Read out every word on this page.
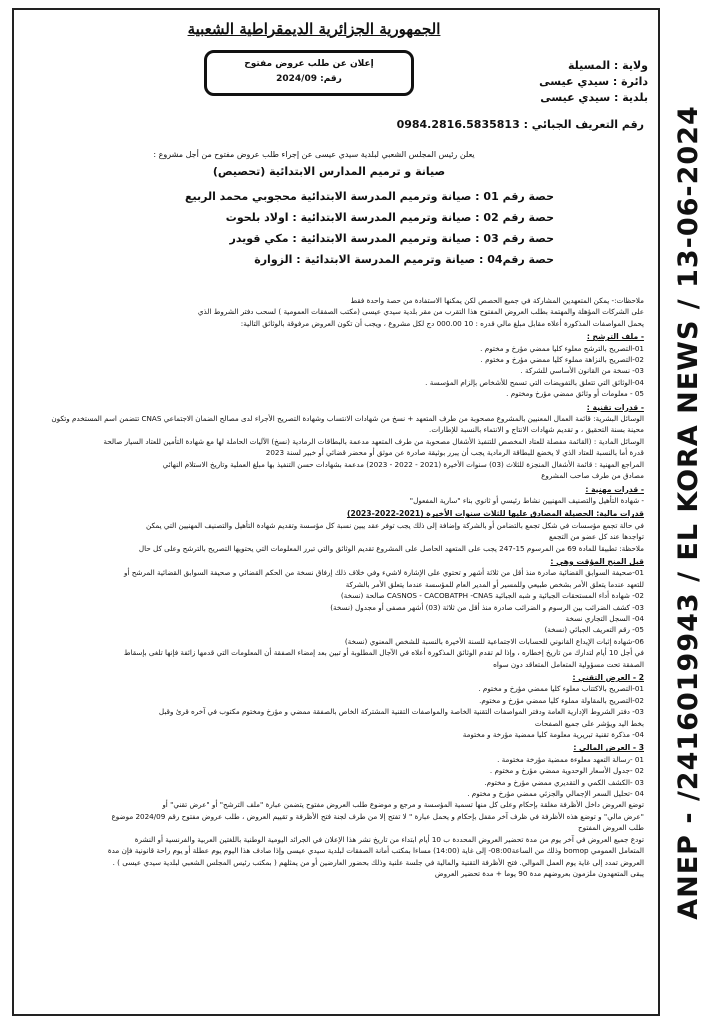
الجمهورية الجزائرية الديمقراطية الشعبية
إعلان عن طلب عروض مفتوح
رقم: 2024/09
ولاية : المسيلة
دائرة : سيدي عيسى
بلدية : سيدي عيسى
رقم التعريف الجبائي : 0984.2816.5835813
يعلن رئيس المجلس الشعبي لبلدية سيدي عيسى عن إجراء طلب عروض مفتوح من أجل مشروع :
صيانة و ترميم المدارس الابتدائية (تحصيص)
حصة رقم 01 : صيانة وترميم المدرسة الابتدائية محجوبي محمد الربيع
حصة رقم 02 : صيانة وترميم المدرسة الابتدائية : اولاد بلحوت
حصة رقم 03 : صيانة وترميم المدرسة الابتدائية : مكي قويدر
حصة رقم04 : صيانة وترميم المدرسة الابتدائية : الزوارة

ملاحظات:- يمكن المتعهدين المشاركة في جميع الحصص لكن يمكنها الاستفادة من حصة واحدة فقط

على الشركات المؤهلة والمهتمة بطلب العروض المفتوح هذا التقرب من مقر بلدية سيدي عيسى (مكتب الصفقات العمومية ) لسحب دفتر الشروط الذي

يحمل المواصفات المذكورة أعلاه مقابل مبلغ مالي قدره : 10 000.00 دج لكل مشروع ، ويجب أن تكون العروض مرفوقة بالوثائق التالية:

- ملف الترشح :

01-التصريح بالترشح معلوء كليا ممضي مؤرخ و مختوم .

02-التصريح بالنزاهة مملوء كليا ممضي مؤرخ و مختوم .

03- نسخة من القانون الأساسي للشركة .

04-الوثائق التي تتعلق بالتفويضات التي تسمح للأشخاص بإلزام المؤسسة .

05 - معلومات أو وثائق ممضي مؤرخ ومختوم .

- قدرات تقنية :

الوسائل البشرية: قائمة العمال المعنيين بالمشروع مصحوبة من طرف المتعهد + نسخ من شهادات الانتساب وشهادة التصريح الأجراء لدى مصالح الضمان الاجتماعي CNAS تتضمن اسم المستخدم وتكون

محينة بسنة التحقيق ، و تقديم شهادات الانتاج و الانتماء بالنسبة للإطارات.

الوسائل المادية : (القائمة مفصلة للعتاد المخصص للتنفيذ الأشغال مصحوبة من طرف المتعهد مدعمة بالبطاقات الرمادية (نسخ) الآليات الحاملة لها مع شهادة التأمين للعتاد السيار صالحة

قدرة أما بالنسبة للعتاد الذي لا يخضع للبطاقة الرمادية يجب أن يبرر بوثيقة صادرة عن موثق أو محضر قضائي أو خبير لسنة 2023

المراجع المهنية : قائمة الأشغال المنجزة للثلاث (03) سنوات الأخيرة (2021 - 2022 - 2023) مدعمة بشهادات حسن التنفيذ بها مبلغ العملية وتاريخ الاستلام النهائي

مصادق من طرف صاحب المشروع

- قدرات مهنية :

- شهادة التأهيل والتصنيف المهنيين نشاط رئيسي أو ثانوي بناء "سارية المفعول"

قدرات مالية: الحصيلة المصادق عليها للثلاث سنوات الأخيرة (2021-2022-2023)

في حالة تجمع مؤسسات في شكل تجمع بالتضامن أو بالشركة وإضافة إلى ذلك يجب توفر عقد يبين نسبة كل مؤسسة وتقديم شهادة التأهيل والتصنيف المهنيين التي يمكن

تواجدها عند كل عضو من التجمع

ملاحظة: تطبيقا للمادة 69 من المرسوم 15-247 يجب على المتعهد الحاصل على المشروع تقديم الوثائق والتي تبرر المعلومات التي يحتويها التصريح بالترشح وعلى كل حال

قبل المنح المؤقت وهي :

01-صحيفة السوابق القضائية صادرة منذ أقل من ثلاثة أشهر و تحتوي على الإشارة لاشيء وفي خلاف ذلك إرفاق نسخة من الحكم القضائي و صحيفة السوابق القضائية المرشح أو

للتعهد عندما يتعلق الأمر بشخص طبيعي وللمسير أو المدير العام للمؤسسة عندما يتعلق الأمر بالشركة

02- شهادة أداء المستحقات الجبائية و شبه الجبائية CASNOS - CACOBATPH -CNAS صالحة (نسخة)

03- كشف الضرائب بين الرسوم و الضرائب صادرة منذ أقل من ثلاثة (03) أشهر مصفى أو مجدول (نسخة)

04- السجل التجاري نسخة

05- رقم التعريف الجبائي (نسخة)

06-شهادة إثبات الإيداع القانوني للحسابات الاجتماعية للسنة الأخيرة بالنسبة للشخص المعنوي (نسخة)

في أجل 10 أيام لتدارك من تاريخ إخطاره ، وإذا لم تقدم الوثائق المذكورة أعلاه في الآجال المطلوبة أو تبين بعد إمضاء الصفقة أن المعلومات التي قدمها زائفة فإنها تلغى بإسقاط

الصفقة تحت مسؤولية المتعامل المتعاقد دون سواه

2 - العرض التقني :

01-التصريح بالاكتتاب معلوء كليا ممضي مؤرخ و مختوم .

02-التصريح بالمقاولة مملوء كليا ممضي مؤرخ و مختوم.

03- دفتر الشروط الإدارية العامة ودفتر المواصفات التقنية الخاصة والمواصفات التقنية المشتركة الخاص بالصفقة ممضي و مؤرخ ومختوم مكتوب في آخره قرئ وقبل

بخط اليد ويؤشر على جميع الصفحات

04- مذكرة تقنية تبريرية معلومة كليا ممضية مؤرخة و مختومة

3 - العرض المالي :

01 -رسالة التعهد معلوءة ممضية مؤرخة مختومة .

02 -جدول الأسعار الوحدوية ممضي مؤرخ و مختوم .

03 -الكشف الكمي و التقديري ممضي مؤرخ و مختوم.

04 -تحليل السعر الإجمالي والجزئي ممضي مؤرخ و مختوم .

توضع العروض داخل الأظرفة مغلقة بإحكام وعلى كل منها تسمية المؤسسة و مرجع و موضوع طلب العروض مفتوح يتضمن عبارة "ملف الترشح" أو "عرض تقني" أو

"عرض مالي" و توضع هذه الأظرفة في ظرف آخر مقفل بإحكام و يحمل عبارة " لا تفتح إلا من طرف لجنة فتح الأظرفة و تقييم العروض ، طلب عروض مفتوح رقم 2024/09 موضوع

طلب العروض المفتوح

تودع جميع العروض في آخر يوم من مدة تحضير العروض المحددة ب 10 أيام ابتداء من تاريخ نشر هذا الإعلان في الجرائد اليومية الوطنية باللغتين العربية والفرنسية أو النشرة

المتعامل العمومي bomop وذلك من الساعة08:00- إلى غاية (14:00) مساءا بمكتب أمانة الصفقات لبلدية سيدي عيسى وإذا صادف هذا اليوم يوم عطلة أو يوم راحة قانونية فإن مدة

العروض تمدد إلى غاية يوم العمل الموالي. فتح الأظرفة التقنية والمالية في جلسة علنية وذلك بحضور العارضين أو من يمثلهم ( بمكتب رئيس المجلس الشعبي لبلدية سيدي عيسى ) .

يبقى المتعهدون ملزمون بعروضهم مدة 90 يوما + مدة تحضير العروض ANEP - /2416019943 / EL KORA NEWS / 13-06-2024
